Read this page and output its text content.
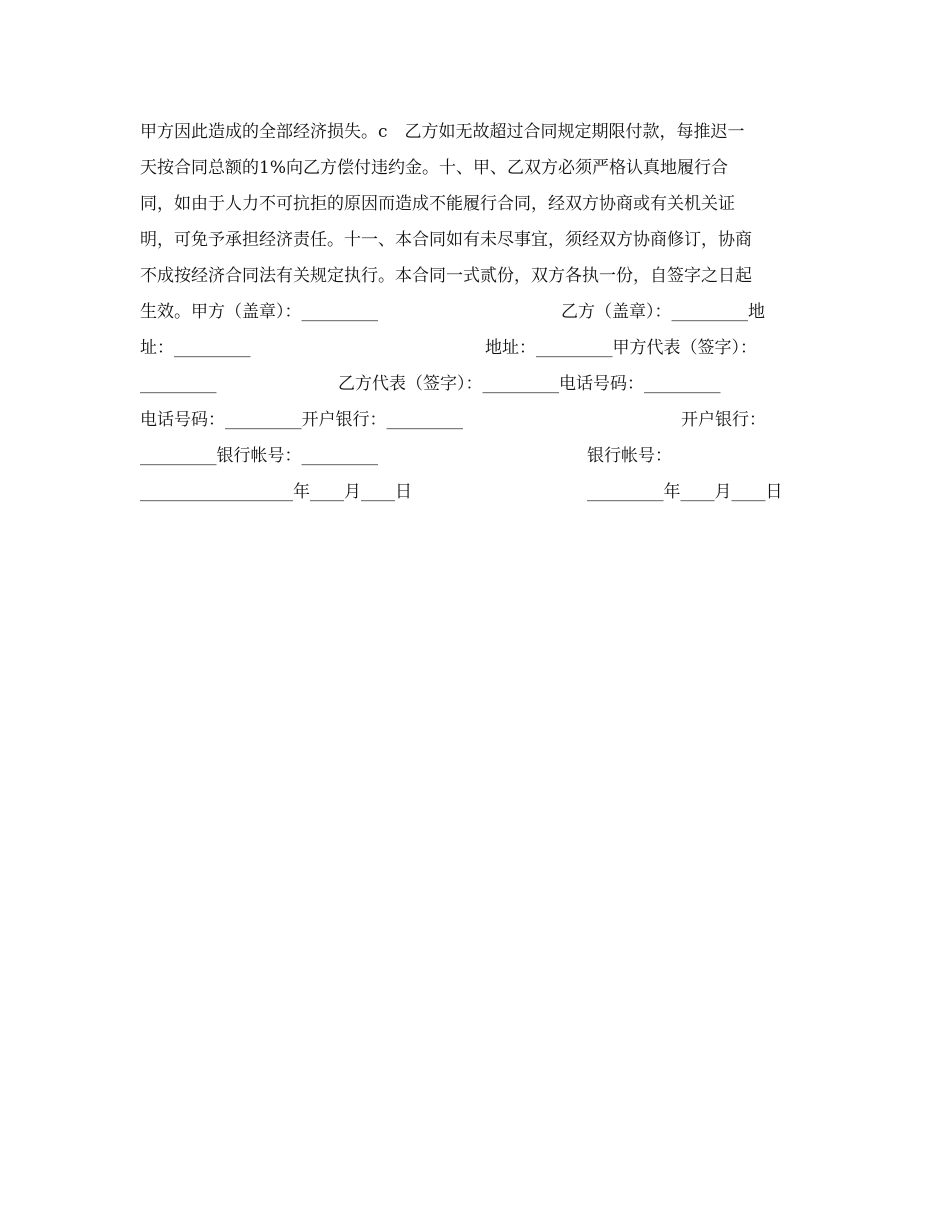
甲方因此造成的全部经济损失。c　乙方如无故超过合同规定期限付款，每推迟一
天按合同总额的1%向乙方偿付违约金。十、甲、乙双方必须严格认真地履行合
同，如由于人力不可抗拒的原因而造成不能履行合同，经双方协商或有关机关证
明，可免予承担经济责任。十一、本合同如有未尽事宜，须经双方协商修订，协商
不成按经济合同法有关规定执行。本合同一式贰份，双方各执一份，自签字之日起
生效。甲方（盖章）：_________	乙方（盖章）：_________地
址：_________	地址：_________甲方代表（签字）：
_________	乙方代表（签字）：_________电话号码：_________
电话号码：_________开户银行：_________	开户银行：
_________银行帐号：_________	银行帐号：
__________________年____月____日	_________年____月____日
